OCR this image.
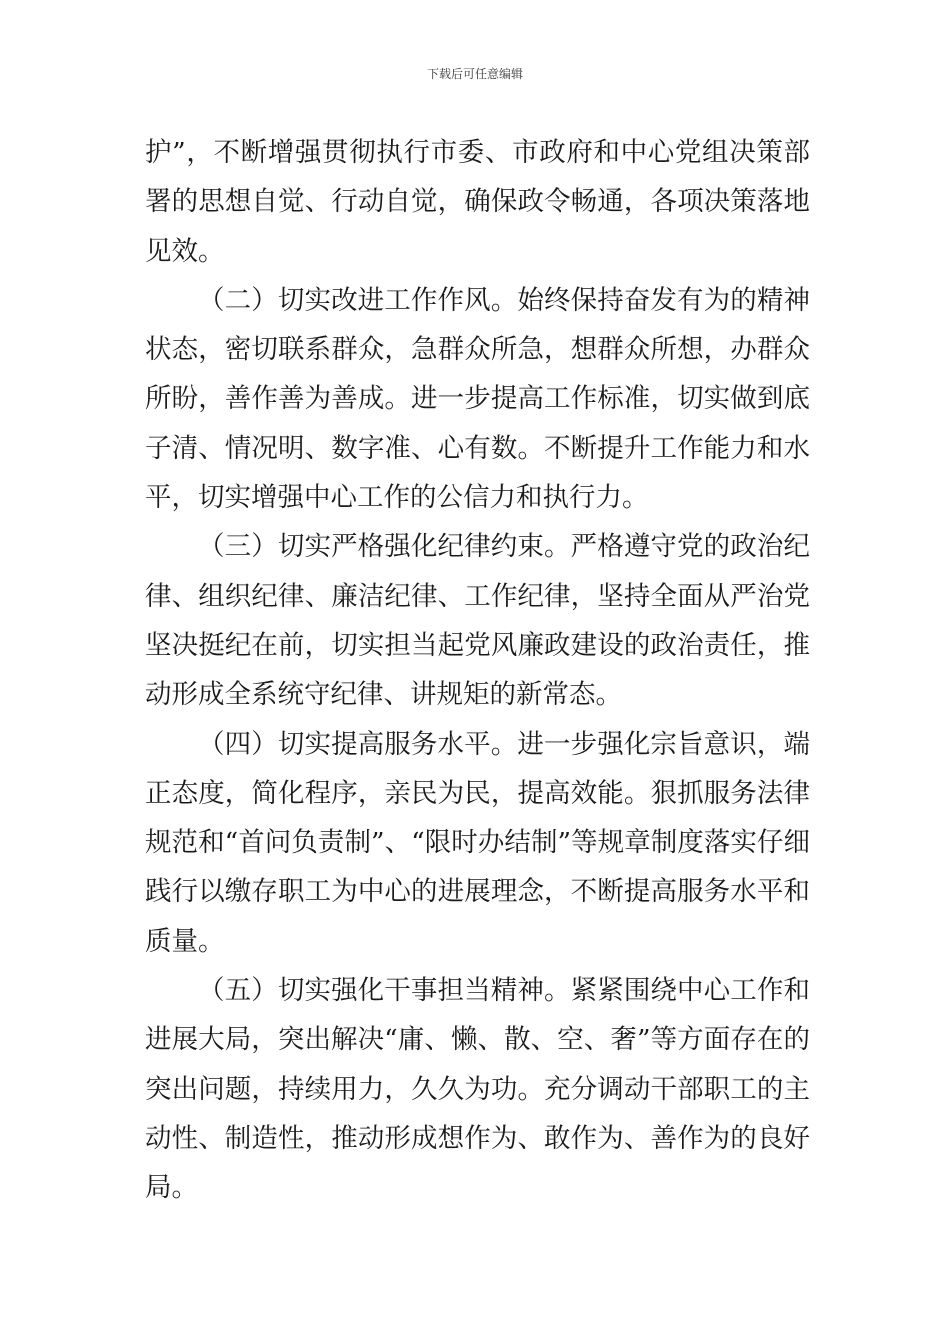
下载后可任意编辑

护”，不断增强贯彻执行市委、市政府和中心党组决策部署的思想自觉、行动自觉，确保政令畅通，各项决策落地见效。

（二）切实改进工作作风。始终保持奋发有为的精神状态，密切联系群众，急群众所急，想群众所想，办群众所盼，善作善为善成。进一步提高工作标准，切实做到底子清、情况明、数字准、心有数。不断提升工作能力和水平，切实增强中心工作的公信力和执行力。

（三）切实严格强化纪律约束。严格遵守党的政治纪律、组织纪律、廉洁纪律、工作纪律，坚持全面从严治党坚决挺纪在前，切实担当起党风廉政建设的政治责任，推动形成全系统守纪律、讲规矩的新常态。

（四）切实提高服务水平。进一步强化宗旨意识，端正态度，简化程序，亲民为民，提高效能。狠抓服务法律规范和“首问负责制”、“限时办结制”等规章制度落实仔细践行以缴存职工为中心的进展理念，不断提高服务水平和质量。

（五）切实强化干事担当精神。紧紧围绕中心工作和进展大局，突出解决“庸、懒、散、空、奢”等方面存在的突出问题，持续用力，久久为功。充分调动干部职工的主动性、制造性，推动形成想作为、敢作为、善作为的良好局。
